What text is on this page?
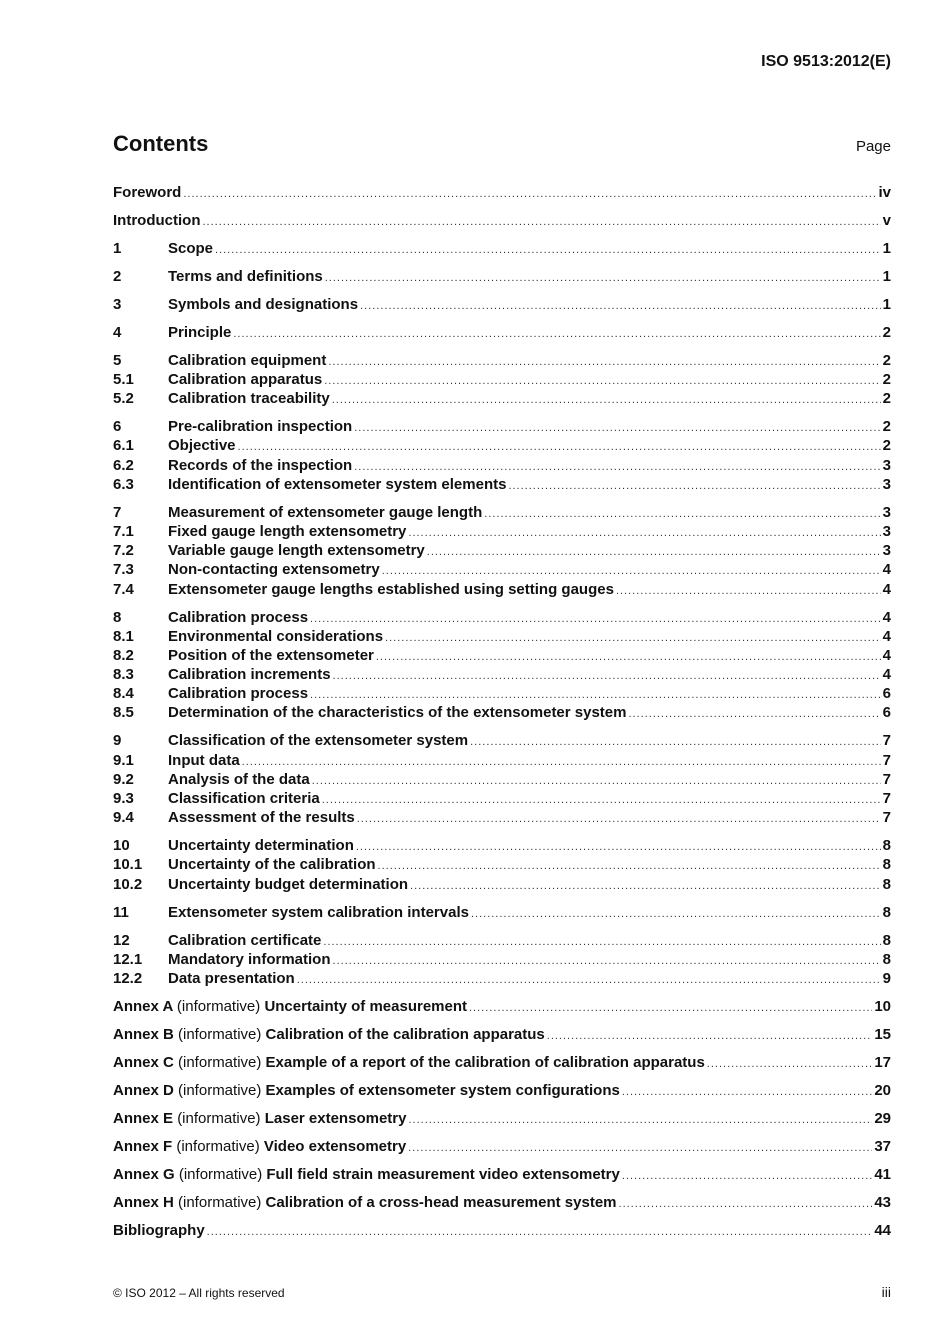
ISO 9513:2012(E)
Contents	Page
Foreword .....	iv
Introduction .....	v
1	Scope .....	1
2	Terms and definitions .....	1
3	Symbols and designations .....	1
4	Principle .....	2
5	Calibration equipment .....	2
5.1	Calibration apparatus .....	2
5.2	Calibration traceability .....	2
6	Pre-calibration inspection .....	2
6.1	Objective .....	2
6.2	Records of the inspection .....	3
6.3	Identification of extensometer system elements .....	3
7	Measurement of extensometer gauge length .....	3
7.1	Fixed gauge length extensometry .....	3
7.2	Variable gauge length extensometry .....	3
7.3	Non-contacting extensometry .....	4
7.4	Extensometer gauge lengths established using setting gauges .....	4
8	Calibration process .....	4
8.1	Environmental considerations .....	4
8.2	Position of the extensometer .....	4
8.3	Calibration increments .....	4
8.4	Calibration process .....	6
8.5	Determination of the characteristics of the extensometer system .....	6
9	Classification of the extensometer system .....	7
9.1	Input data .....	7
9.2	Analysis of the data .....	7
9.3	Classification criteria .....	7
9.4	Assessment of the results .....	7
10	Uncertainty determination .....	8
10.1	Uncertainty of the calibration .....	8
10.2	Uncertainty budget determination .....	8
11	Extensometer system calibration intervals .....	8
12	Calibration certificate .....	8
12.1	Mandatory information .....	8
12.2	Data presentation .....	9
Annex A (informative) Uncertainty of measurement .....	10
Annex B (informative) Calibration of the calibration apparatus .....	15
Annex C (informative) Example of a report of the calibration of calibration apparatus .....	17
Annex D (informative) Examples of extensometer system configurations .....	20
Annex E (informative) Laser extensometry .....	29
Annex F (informative) Video extensometry .....	37
Annex G (informative) Full field strain measurement video extensometry .....	41
Annex H (informative) Calibration of a cross-head measurement system .....	43
Bibliography .....	44
© ISO 2012 – All rights reserved	iii
